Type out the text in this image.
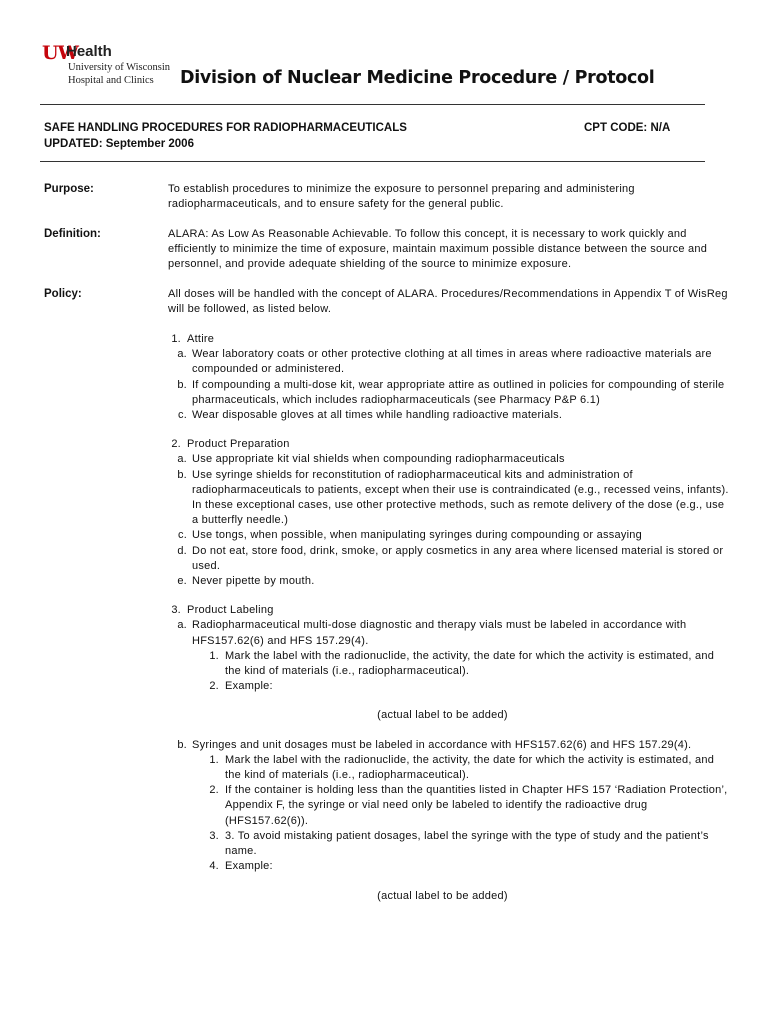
UW
Health
University of Wisconsin
Hospital and Clinics Division of Nuclear Medicine Procedure / Protocol
SAFE HANDLING PROCEDURES FOR RADIOPHARMACEUTICALS	CPT CODE: N/A
UPDATED: September 2006
Purpose:	To establish procedures to minimize the exposure to personnel preparing and administering radiopharmaceuticals, and to ensure safety for the general public.
Definition:	ALARA: As Low As Reasonable Achievable. To follow this concept, it is necessary to work quickly and efficiently to minimize the time of exposure, maintain maximum possible distance between the source and personnel, and provide adequate shielding of the source to minimize exposure.
Policy:	All doses will be handled with the concept of ALARA. Procedures/Recommendations in Appendix T of WisReg will be followed, as listed below.
1. Attire
a. Wear laboratory coats or other protective clothing at all times in areas where radioactive materials are compounded or administered.
b. If compounding a multi-dose kit, wear appropriate attire as outlined in policies for compounding of sterile pharmaceuticals, which includes radiopharmaceuticals (see Pharmacy P&P 6.1)
c. Wear disposable gloves at all times while handling radioactive materials.
2. Product Preparation
a. Use appropriate kit vial shields when compounding radiopharmaceuticals
b. Use syringe shields for reconstitution of radiopharmaceutical kits and administration of radiopharmaceuticals to patients, except when their use is contraindicated (e.g., recessed veins, infants). In these exceptional cases, use other protective methods, such as remote delivery of the dose (e.g., use a butterfly needle.)
c. Use tongs, when possible, when manipulating syringes during compounding or assaying
d. Do not eat, store food, drink, smoke, or apply cosmetics in any area where licensed material is stored or used.
e. Never pipette by mouth.
3. Product Labeling
a. Radiopharmaceutical multi-dose diagnostic and therapy vials must be labeled in accordance with HFS157.62(6) and HFS 157.29(4).
1. Mark the label with the radionuclide, the activity, the date for which the activity is estimated, and the kind of materials (i.e., radiopharmaceutical).
2. Example:
(actual label to be added)
b. Syringes and unit dosages must be labeled in accordance with HFS157.62(6) and HFS 157.29(4).
1. Mark the label with the radionuclide, the activity, the date for which the activity is estimated, and the kind of materials (i.e., radiopharmaceutical).
2. If the container is holding less than the quantities listed in Chapter HFS 157 ‘Radiation Protection’, Appendix F, the syringe or vial need only be labeled to identify the radioactive drug (HFS157.62(6)).
3. 3. To avoid mistaking patient dosages, label the syringe with the type of study and the patient’s name.
4. Example:
(actual label to be added)
